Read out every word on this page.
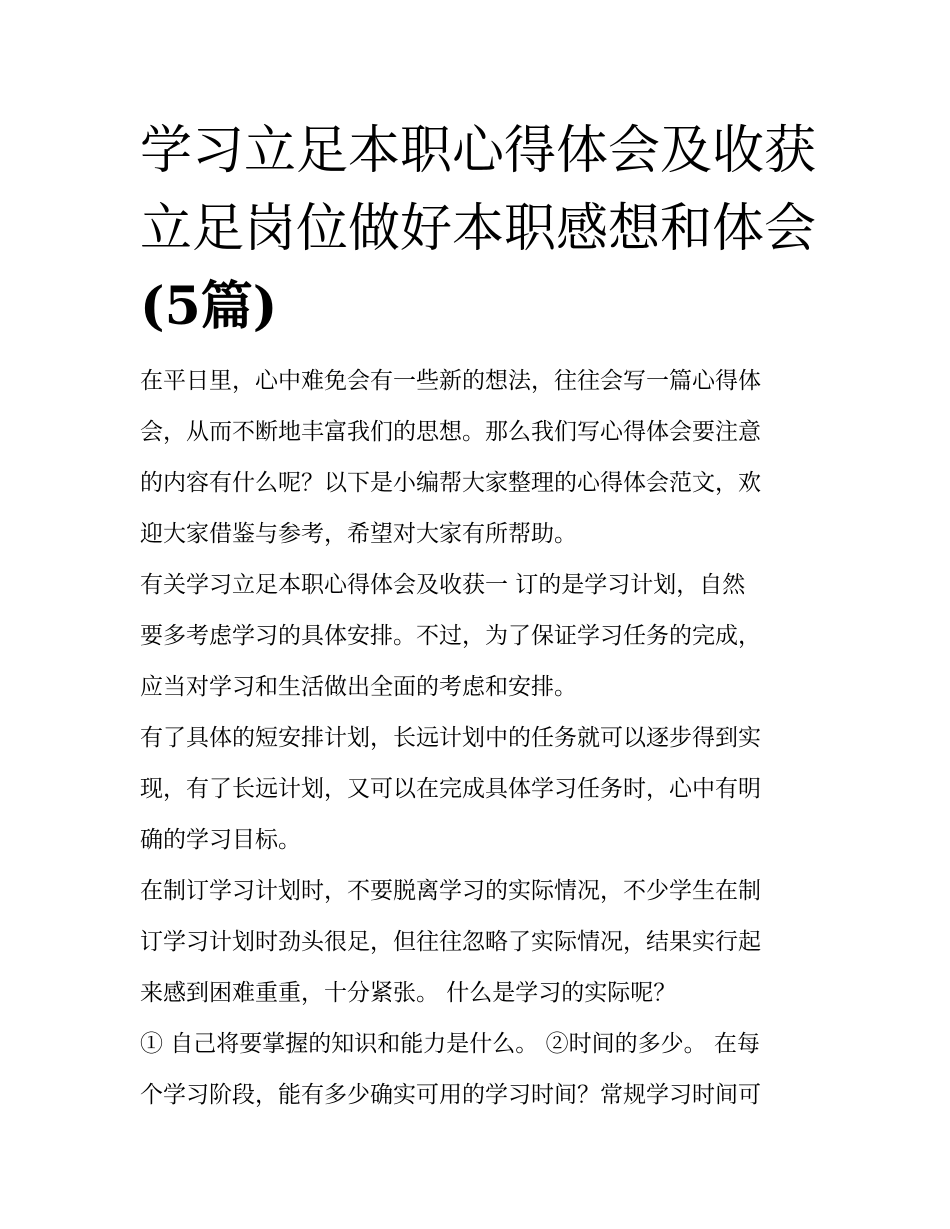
学习立足本职心得体会及收获
立足岗位做好本职感想和体会
(5篇)
在平日里，心中难免会有一些新的想法，往往会写一篇心得体
会，从而不断地丰富我们的思想。那么我们写心得体会要注意
的内容有什么呢？以下是小编帮大家整理的心得体会范文，欢
迎大家借鉴与参考，希望对大家有所帮助。
有关学习立足本职心得体会及收获一 订的是学习计划，自然
要多考虑学习的具体安排。不过，为了保证学习任务的完成，
应当对学习和生活做出全面的考虑和安排。
有了具体的短安排计划，长远计划中的任务就可以逐步得到实
现，有了长远计划，又可以在完成具体学习任务时，心中有明
确的学习目标。
在制订学习计划时，不要脱离学习的实际情况，不少学生在制
订学习计划时劲头很足，但往往忽略了实际情况，结果实行起
来感到困难重重，十分紧张。 什么是学习的实际呢？
① 自己将要掌握的知识和能力是什么。 ②时间的多少。 在每
个学习阶段，能有多少确实可用的学习时间？常规学习时间可
